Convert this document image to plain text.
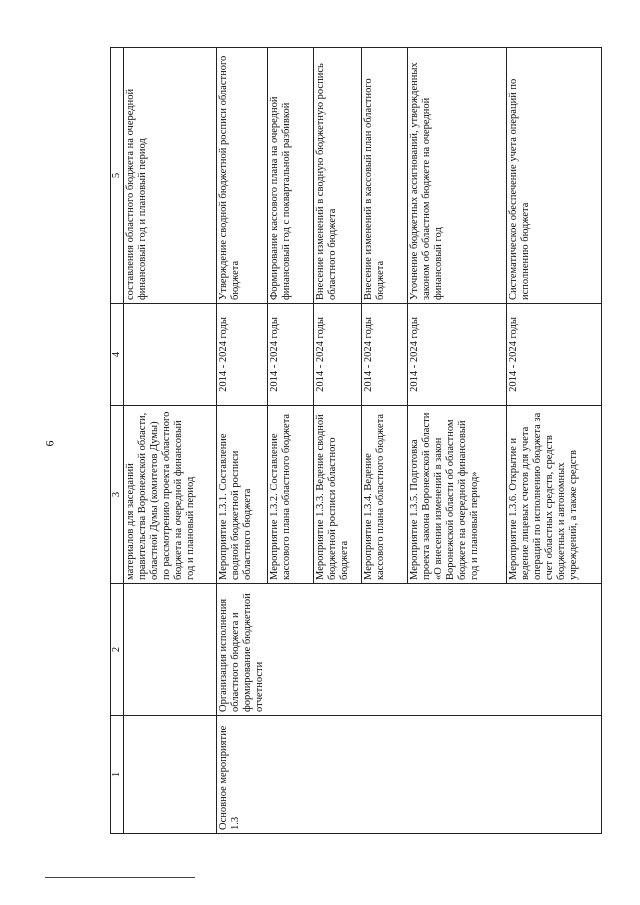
6
1	2	3	4	5
		материалов для заседаний правительства Воронежской области, областной Думы (комитетов Думы) по рассмотрению проекта областного бюджета на очередной финансовый год и плановый период		составления областного бюджета на очередной финансовый год и плановый период
Основное мероприятие 1.3	Организация исполнения областного бюджета и формирование бюджетной отчетности	Мероприятие 1.3.1. Составление сводной бюджетной росписи областного бюджета	2014 - 2024 годы	Утверждение сводной бюджетной росписи областного бюджета
		Мероприятие 1.3.2. Составление кассового плана областного бюджета	2014 - 2024 годы	Формирование кассового плана на очередной финансовый год с поквартальной разбивкой
		Мероприятие 1.3.3. Ведение сводной бюджетной росписи областного бюджета	2014 - 2024 годы	Внесение изменений в сводную бюджетную роспись областного бюджета
		Мероприятие 1.3.4. Ведение кассового плана областного бюджета	2014 - 2024 годы	Внесение изменений в кассовый план областного бюджета
		Мероприятие 1.3.5. Подготовка проекта закона Воронежской области «О внесении изменений в закон Воронежской области об областном бюджете на очередной финансовый год и плановый период»	2014 - 2024 годы	Уточнение бюджетных ассигнований, утвержденных законом об областном бюджете на очередной финансовый год
		Мероприятие 1.3.6. Открытие и ведение лицевых счетов для учета операций по исполнению бюджета за счет областных средств, средств бюджетных и автономных учреждений, а также средств	2014 - 2024 годы	Систематическое обеспечение учета операций по исполнению бюджета
